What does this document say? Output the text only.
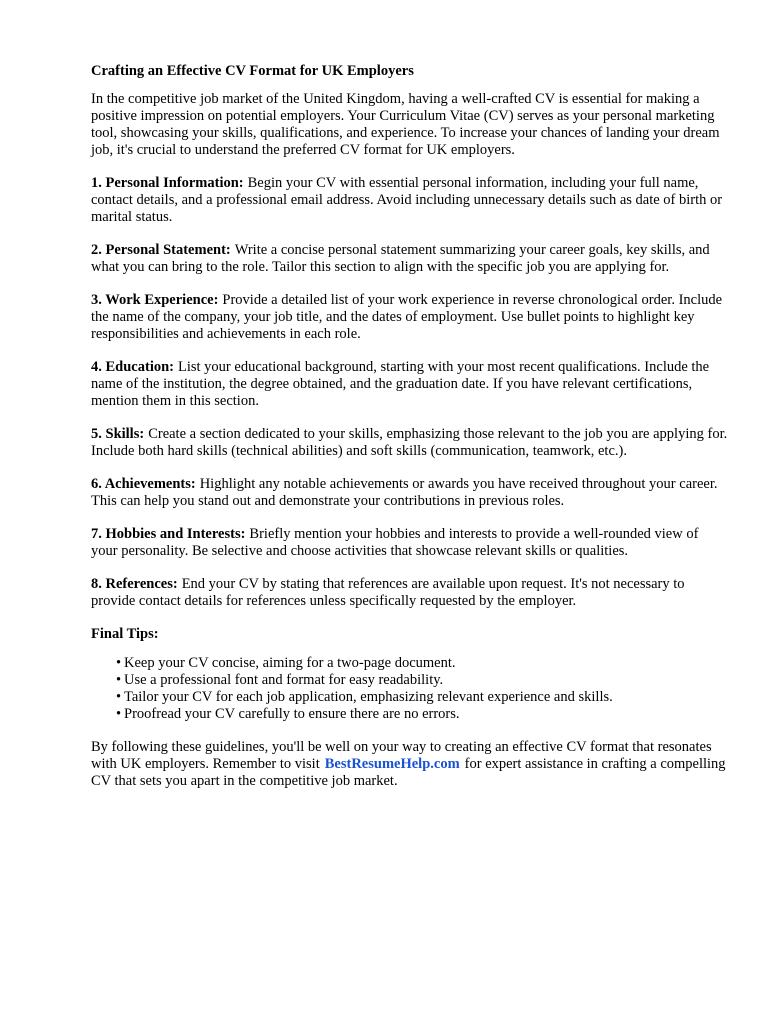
Crafting an Effective CV Format for UK Employers

In the competitive job market of the United Kingdom, having a well-crafted CV is essential for making a positive impression on potential employers. Your Curriculum Vitae (CV) serves as your personal marketing tool, showcasing your skills, qualifications, and experience. To increase your chances of landing your dream job, it's crucial to understand the preferred CV format for UK employers.

1. Personal Information: Begin your CV with essential personal information, including your full name, contact details, and a professional email address. Avoid including unnecessary details such as date of birth or marital status.

2. Personal Statement: Write a concise personal statement summarizing your career goals, key skills, and what you can bring to the role. Tailor this section to align with the specific job you are applying for.

3. Work Experience: Provide a detailed list of your work experience in reverse chronological order. Include the name of the company, your job title, and the dates of employment. Use bullet points to highlight key responsibilities and achievements in each role.

4. Education: List your educational background, starting with your most recent qualifications. Include the name of the institution, the degree obtained, and the graduation date. If you have relevant certifications, mention them in this section.

5. Skills: Create a section dedicated to your skills, emphasizing those relevant to the job you are applying for. Include both hard skills (technical abilities) and soft skills (communication, teamwork, etc.).

6. Achievements: Highlight any notable achievements or awards you have received throughout your career. This can help you stand out and demonstrate your contributions in previous roles.

7. Hobbies and Interests: Briefly mention your hobbies and interests to provide a well-rounded view of your personality. Be selective and choose activities that showcase relevant skills or qualities.

8. References: End your CV by stating that references are available upon request. It's not necessary to provide contact details for references unless specifically requested by the employer.

Final Tips:
• Keep your CV concise, aiming for a two-page document.
• Use a professional font and format for easy readability.
• Tailor your CV for each job application, emphasizing relevant experience and skills.
• Proofread your CV carefully to ensure there are no errors.

By following these guidelines, you'll be well on your way to creating an effective CV format that resonates with UK employers. Remember to visit BestResumeHelp.com for expert assistance in crafting a compelling CV that sets you apart in the competitive job market.
